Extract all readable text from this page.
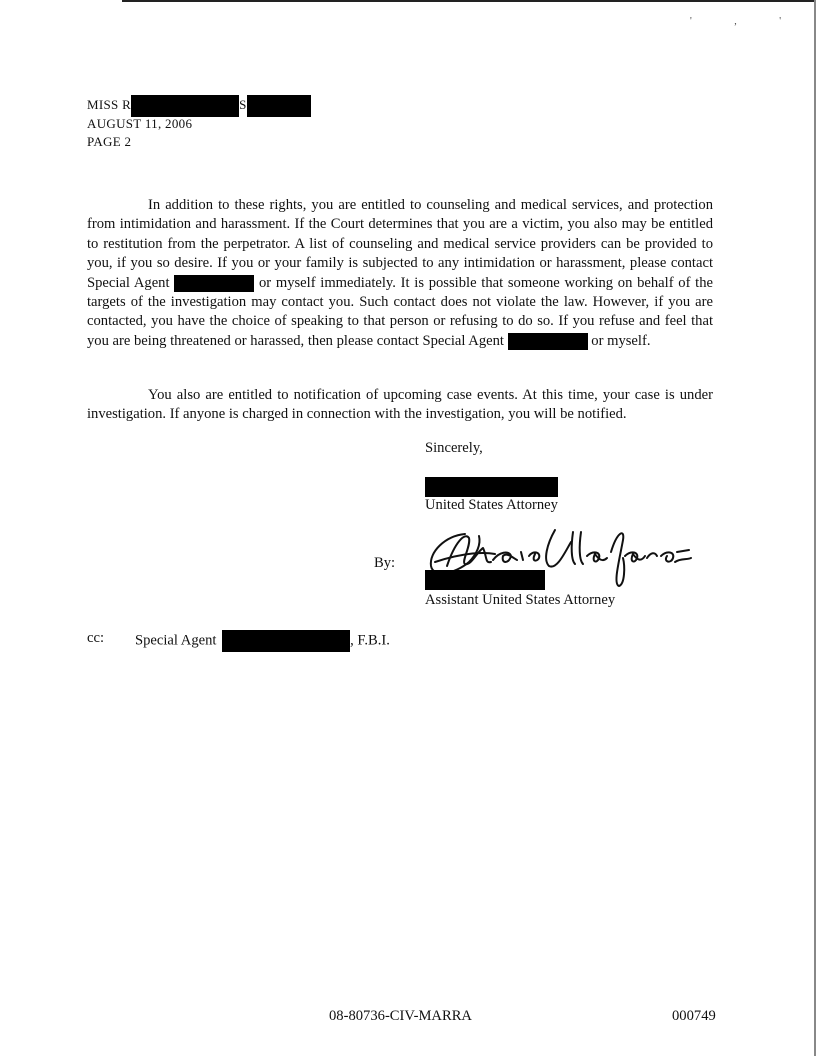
' , '
MISS R	S
AUGUST 11, 2006
PAGE 2

In addition to these rights, you are entitled to counseling and medical services, and protection from intimidation and harassment. If the Court determines that you are a victim, you also may be entitled to restitution from the perpetrator. A list of counseling and medical service providers can be provided to you, if you so desire. If you or your family is subjected to any intimidation or harassment, please contact Special Agent	or myself immediately. It is possible that someone working on behalf of the targets of the investigation may contact you. Such contact does not violate the law. However, if you are contacted, you have the choice of speaking to that person or refusing to do so. If you refuse and feel that you are being threatened or harassed, then please contact Special Agent	or myself.

You also are entitled to notification of upcoming case events. At this time, your case is under investigation. If anyone is charged in connection with the investigation, you will be notified.

Sincerely,
United States Attorney
By:
Assistant United States Attorney
cc: Special Agent	, F.B.I.
08-80736-CIV-MARRA	000749
